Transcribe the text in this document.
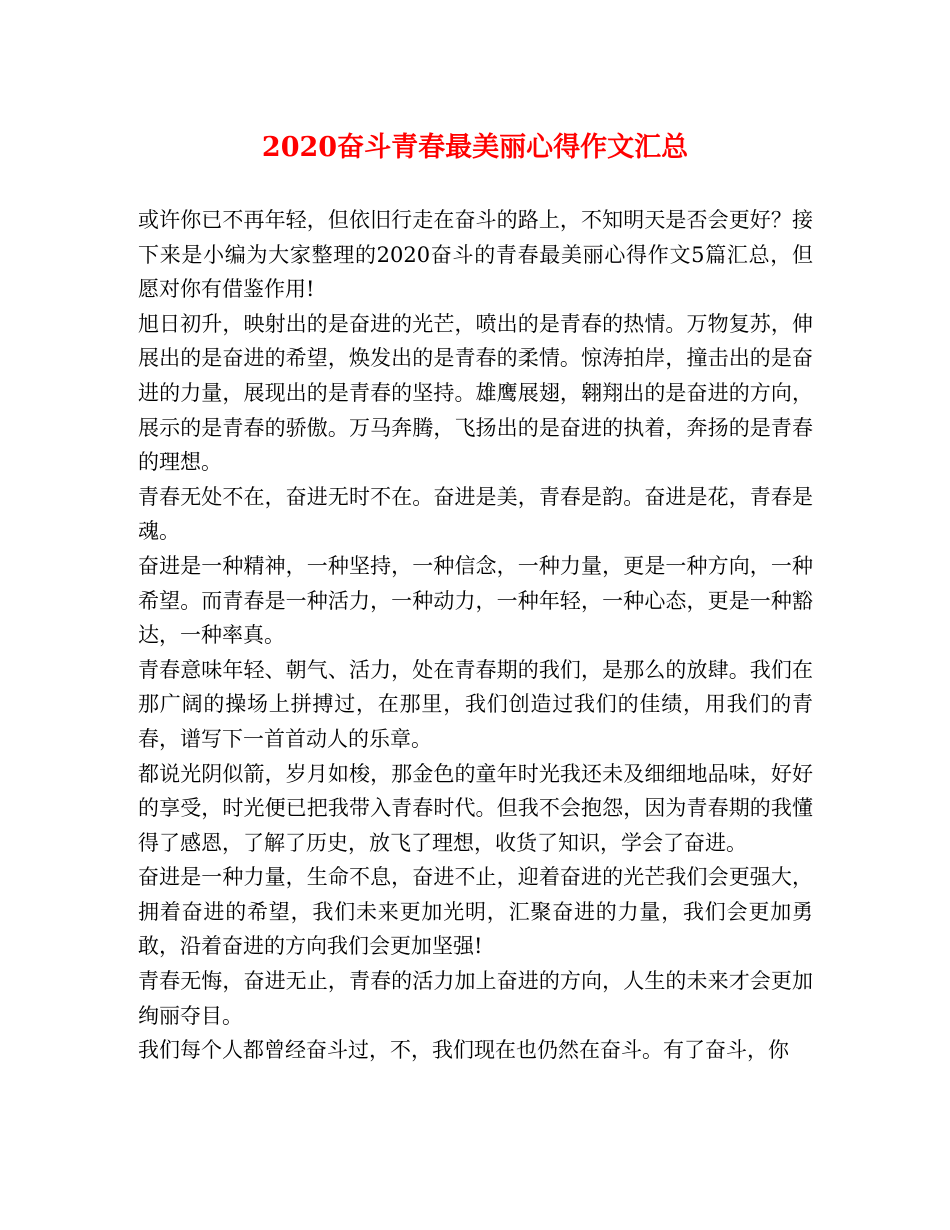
2020奋斗青春最美丽心得作文汇总

或许你已不再年轻，但依旧行走在奋斗的路上，不知明天是否会更好？接下来是小编为大家整理的2020奋斗的青春最美丽心得作文5篇汇总，但愿对你有借鉴作用!

旭日初升，映射出的是奋进的光芒，喷出的是青春的热情。万物复苏，伸展出的是奋进的希望，焕发出的是青春的柔情。惊涛拍岸，撞击出的是奋进的力量，展现出的是青春的坚持。雄鹰展翅，翱翔出的是奋进的方向，展示的是青春的骄傲。万马奔腾，飞扬出的是奋进的执着，奔扬的是青春的理想。

青春无处不在，奋进无时不在。奋进是美，青春是韵。奋进是花，青春是魂。

奋进是一种精神，一种坚持，一种信念，一种力量，更是一种方向，一种希望。而青春是一种活力，一种动力，一种年轻，一种心态，更是一种豁达，一种率真。

青春意味年轻、朝气、活力，处在青春期的我们，是那么的放肆。我们在那广阔的操场上拼搏过，在那里，我们创造过我们的佳绩，用我们的青春，谱写下一首首动人的乐章。

都说光阴似箭，岁月如梭，那金色的童年时光我还未及细细地品味，好好的享受，时光便已把我带入青春时代。但我不会抱怨，因为青春期的我懂得了感恩，了解了历史，放飞了理想，收货了知识，学会了奋进。

奋进是一种力量，生命不息，奋进不止，迎着奋进的光芒我们会更强大，拥着奋进的希望，我们未来更加光明，汇聚奋进的力量，我们会更加勇敢，沿着奋进的方向我们会更加坚强!

青春无悔，奋进无止，青春的活力加上奋进的方向，人生的未来才会更加绚丽夺目。

我们每个人都曾经奋斗过，不，我们现在也仍然在奋斗。有了奋斗，你
